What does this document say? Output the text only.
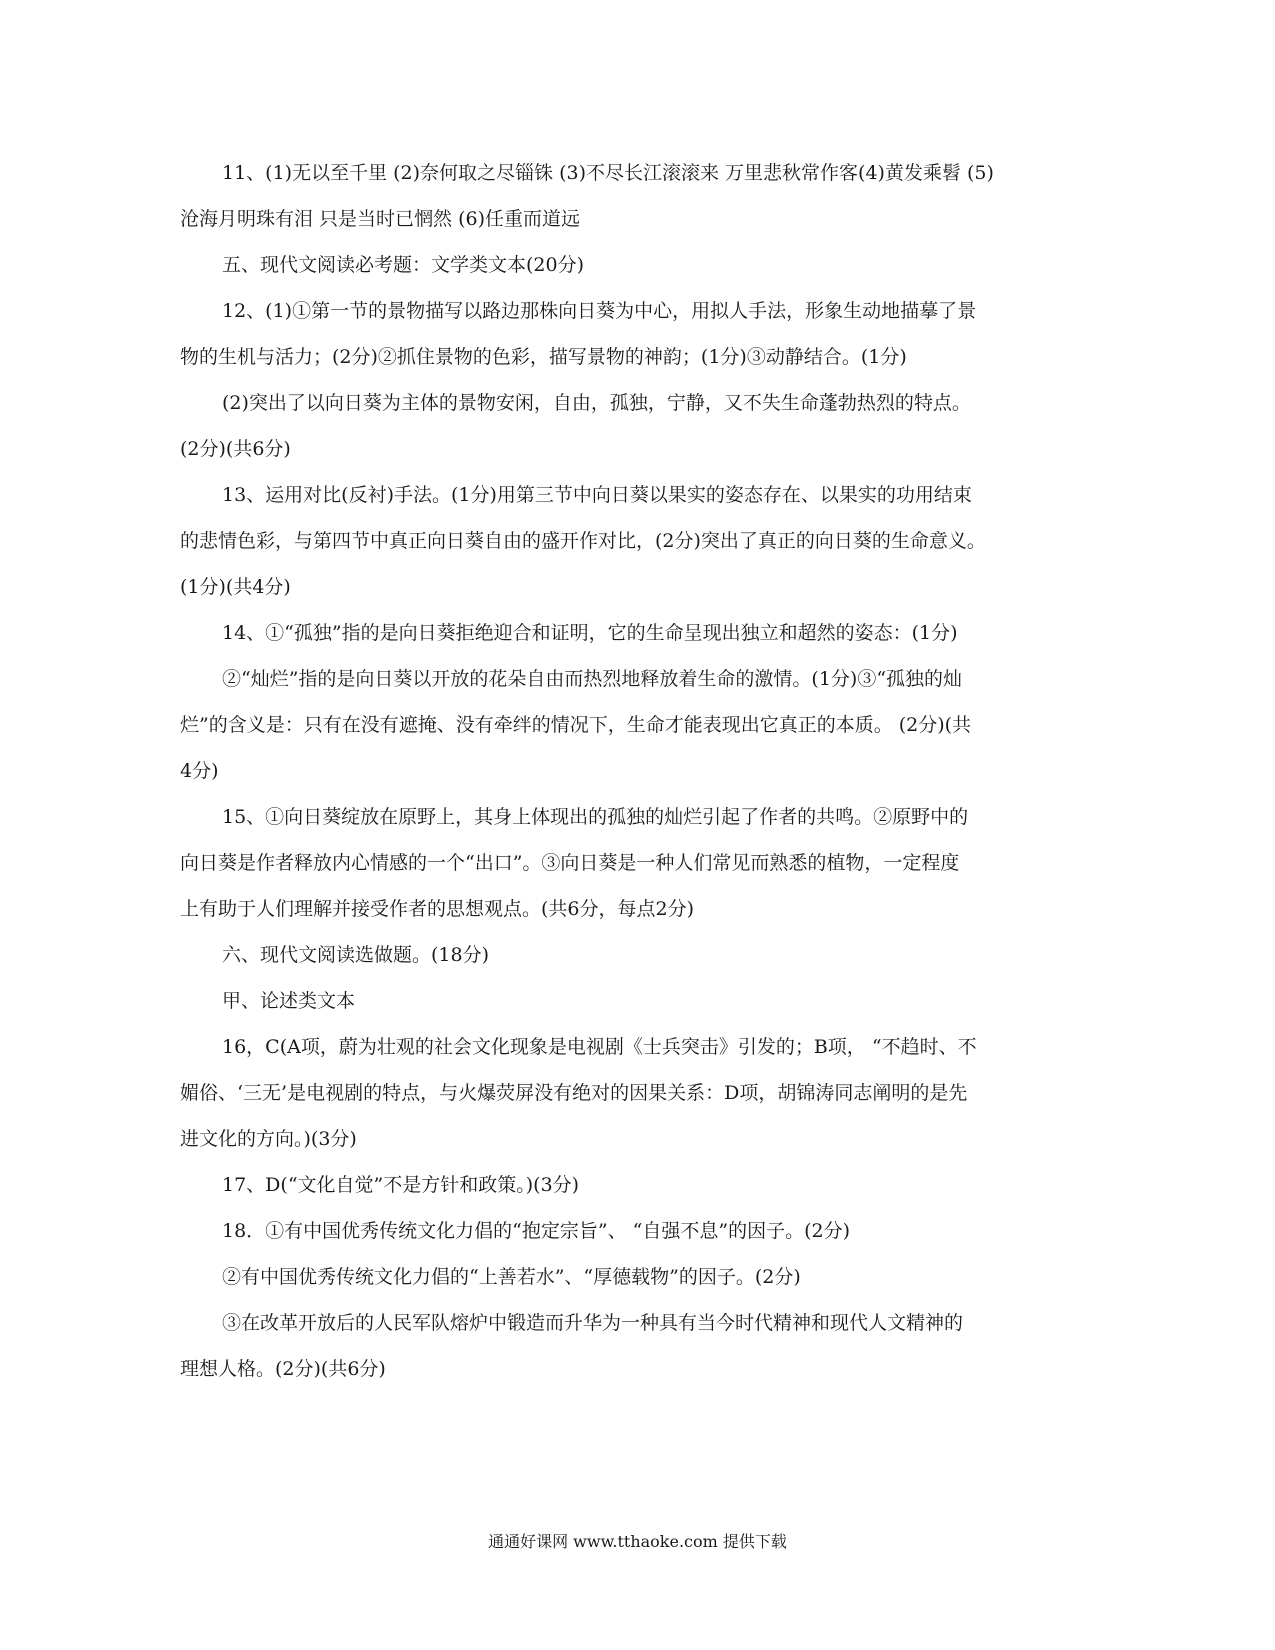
11、(1)无以至千里 (2)奈何取之尽锱铢 (3)不尽长江滚滚来 万里悲秋常作客(4)黄发乘髫 (5)
沧海月明珠有泪 只是当时已惘然 (6)任重而道远
五、现代文阅读必考题：文学类文本(20分)
12、(1)①第一节的景物描写以路边那株向日葵为中心，用拟人手法，形象生动地描摹了景
物的生机与活力；(2分)②抓住景物的色彩，描写景物的神韵；(1分)③动静结合。(1分)
(2)突出了以向日葵为主体的景物安闲，自由，孤独，宁静，又不失生命蓬勃热烈的特点。
(2分)(共6分)
13、运用对比(反衬)手法。(1分)用第三节中向日葵以果实的姿态存在、以果实的功用结束
的悲情色彩，与第四节中真正向日葵自由的盛开作对比，(2分)突出了真正的向日葵的生命意义。
(1分)(共4分)
14、①“孤独”指的是向日葵拒绝迎合和证明，它的生命呈现出独立和超然的姿态：(1分)
②“灿烂”指的是向日葵以开放的花朵自由而热烈地释放着生命的激情。(1分)③“孤独的灿
烂”的含义是：只有在没有遮掩、没有牵绊的情况下，生命才能表现出它真正的本质。 (2分)(共
4分)
15、①向日葵绽放在原野上，其身上体现出的孤独的灿烂引起了作者的共鸣。②原野中的
向日葵是作者释放内心情感的一个“出口”。③向日葵是一种人们常见而熟悉的植物，一定程度
上有助于人们理解并接受作者的思想观点。(共6分，每点2分)
六、现代文阅读选做题。(18分)
甲、论述类文本
16，C(A项，蔚为壮观的社会文化现象是电视剧《士兵突击》引发的；B项， “不趋时、不
媚俗、‘三无’是电视剧的特点，与火爆荧屏没有绝对的因果关系：D项，胡锦涛同志阐明的是先
进文化的方向。)(3分)
17、D(“文化自觉”不是方针和政策。)(3分)
18．①有中国优秀传统文化力倡的“抱定宗旨”、 “自强不息”的因子。(2分)
②有中国优秀传统文化力倡的“上善若水”、“厚德载物”的因子。(2分)
③在改革开放后的人民军队熔炉中锻造而升华为一种具有当今时代精神和现代人文精神的
理想人格。(2分)(共6分)
通通好课网 www.tthaoke.com 提供下载
